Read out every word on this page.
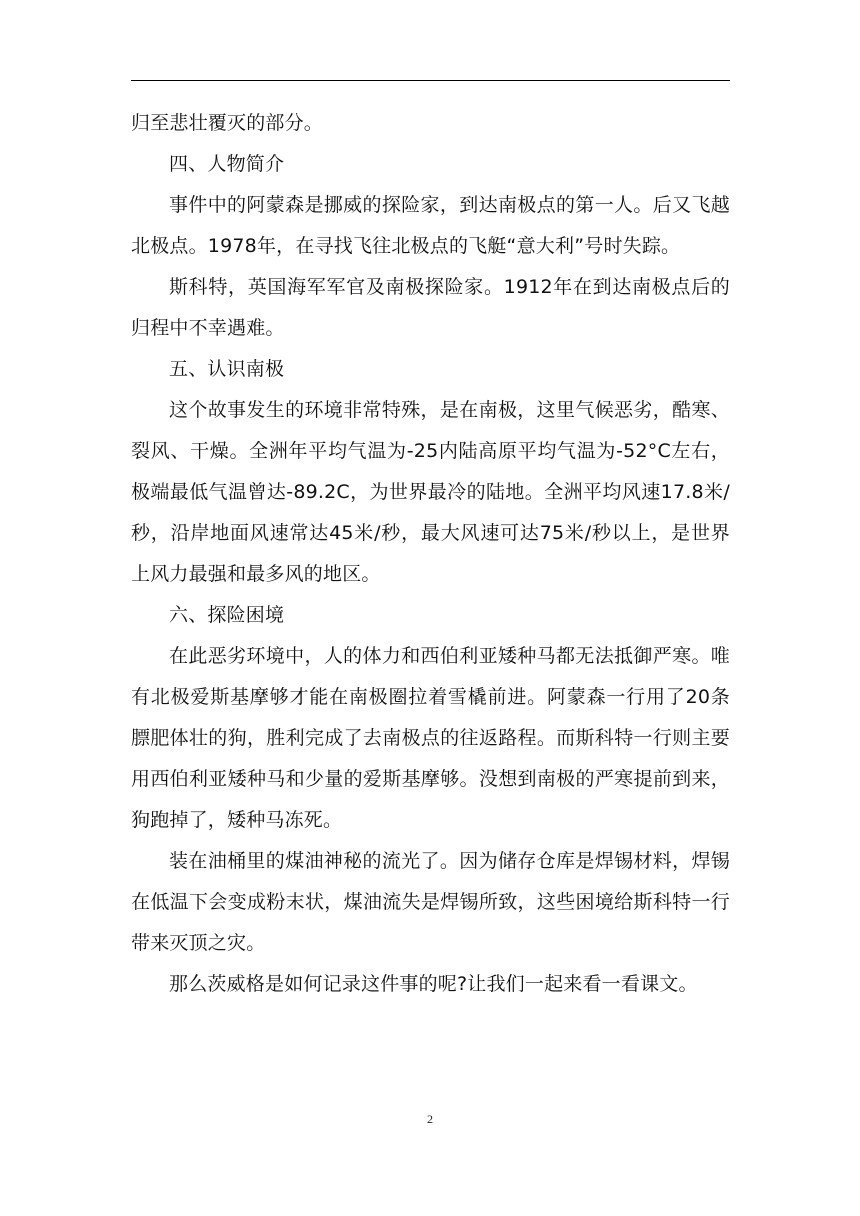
归至悲壮覆灭的部分。

四、人物简介

事件中的阿蒙森是挪威的探险家，到达南极点的第一人。后又飞越北极点。1978年，在寻找飞往北极点的飞艇“意大利”号时失踪。

斯科特，英国海军军官及南极探险家。1912年在到达南极点后的归程中不幸遇难。

五、认识南极

这个故事发生的环境非常特殊，是在南极，这里气候恶劣，酷寒、裂风、干燥。全洲年平均气温为-25内陆高原平均气温为-52°C左右，极端最低气温曾达-89.2C，为世界最冷的陆地。全洲平均风速17.8米/秒，沿岸地面风速常达45米/秒，最大风速可达75米/秒以上，是世界上风力最强和最多风的地区。

六、探险困境

在此恶劣环境中，人的体力和西伯利亚矮种马都无法抵御严寒。唯有北极爱斯基摩够才能在南极圈拉着雪橇前进。阿蒙森一行用了20条膘肥体壮的狗，胜利完成了去南极点的往返路程。而斯科特一行则主要用西伯利亚矮种马和少量的爱斯基摩够。没想到南极的严寒提前到来，狗跑掉了，矮种马冻死。

装在油桶里的煤油神秘的流光了。因为储存仓库是焊锡材料，焊锡在低温下会变成粉末状，煤油流失是焊锡所致，这些困境给斯科特一行带来灭顶之灾。

那么茨威格是如何记录这件事的呢?让我们一起来看一看课文。

2
